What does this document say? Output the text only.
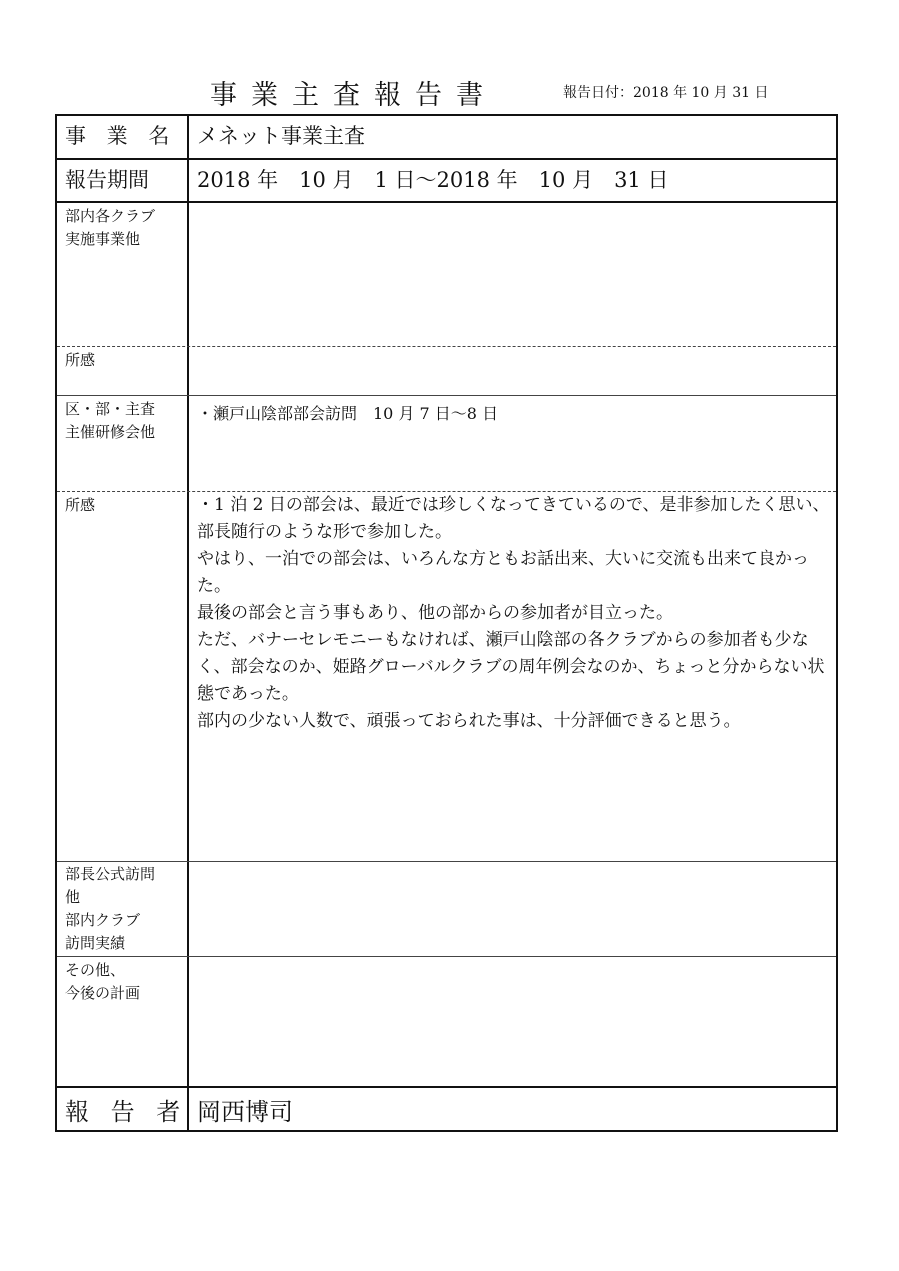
事業主査報告書	報告日付：2018 年 10 月 31 日
事 業 名 メネット事業主査
報告期間 2018 年　10 月　1 日～2018 年　10 月　31 日
部内各クラブ
実施事業他
所感
区・部・主査
主催研修会他
・瀬戸山陰部部会訪問　10 月 7 日～8 日
所感	・1 泊 2 日の部会は、最近では珍しくなってきているので、是非参加したく思い、部長随行のような形で参加した。

やはり、一泊での部会は、いろんな方ともお話出来、大いに交流も出来て良かった。

最後の部会と言う事もあり、他の部からの参加者が目立った。

ただ、バナーセレモニーもなければ、瀬戸山陰部の各クラブからの参加者も少なく、部会なのか、姫路グローバルクラブの周年例会なのか、ちょっと分からない状態であった。

部内の少ない人数で、頑張っておられた事は、十分評価できると思う。

部長公式訪問
他
部内クラブ
訪問実績
その他、
今後の計画
報 告 者 岡西博司
